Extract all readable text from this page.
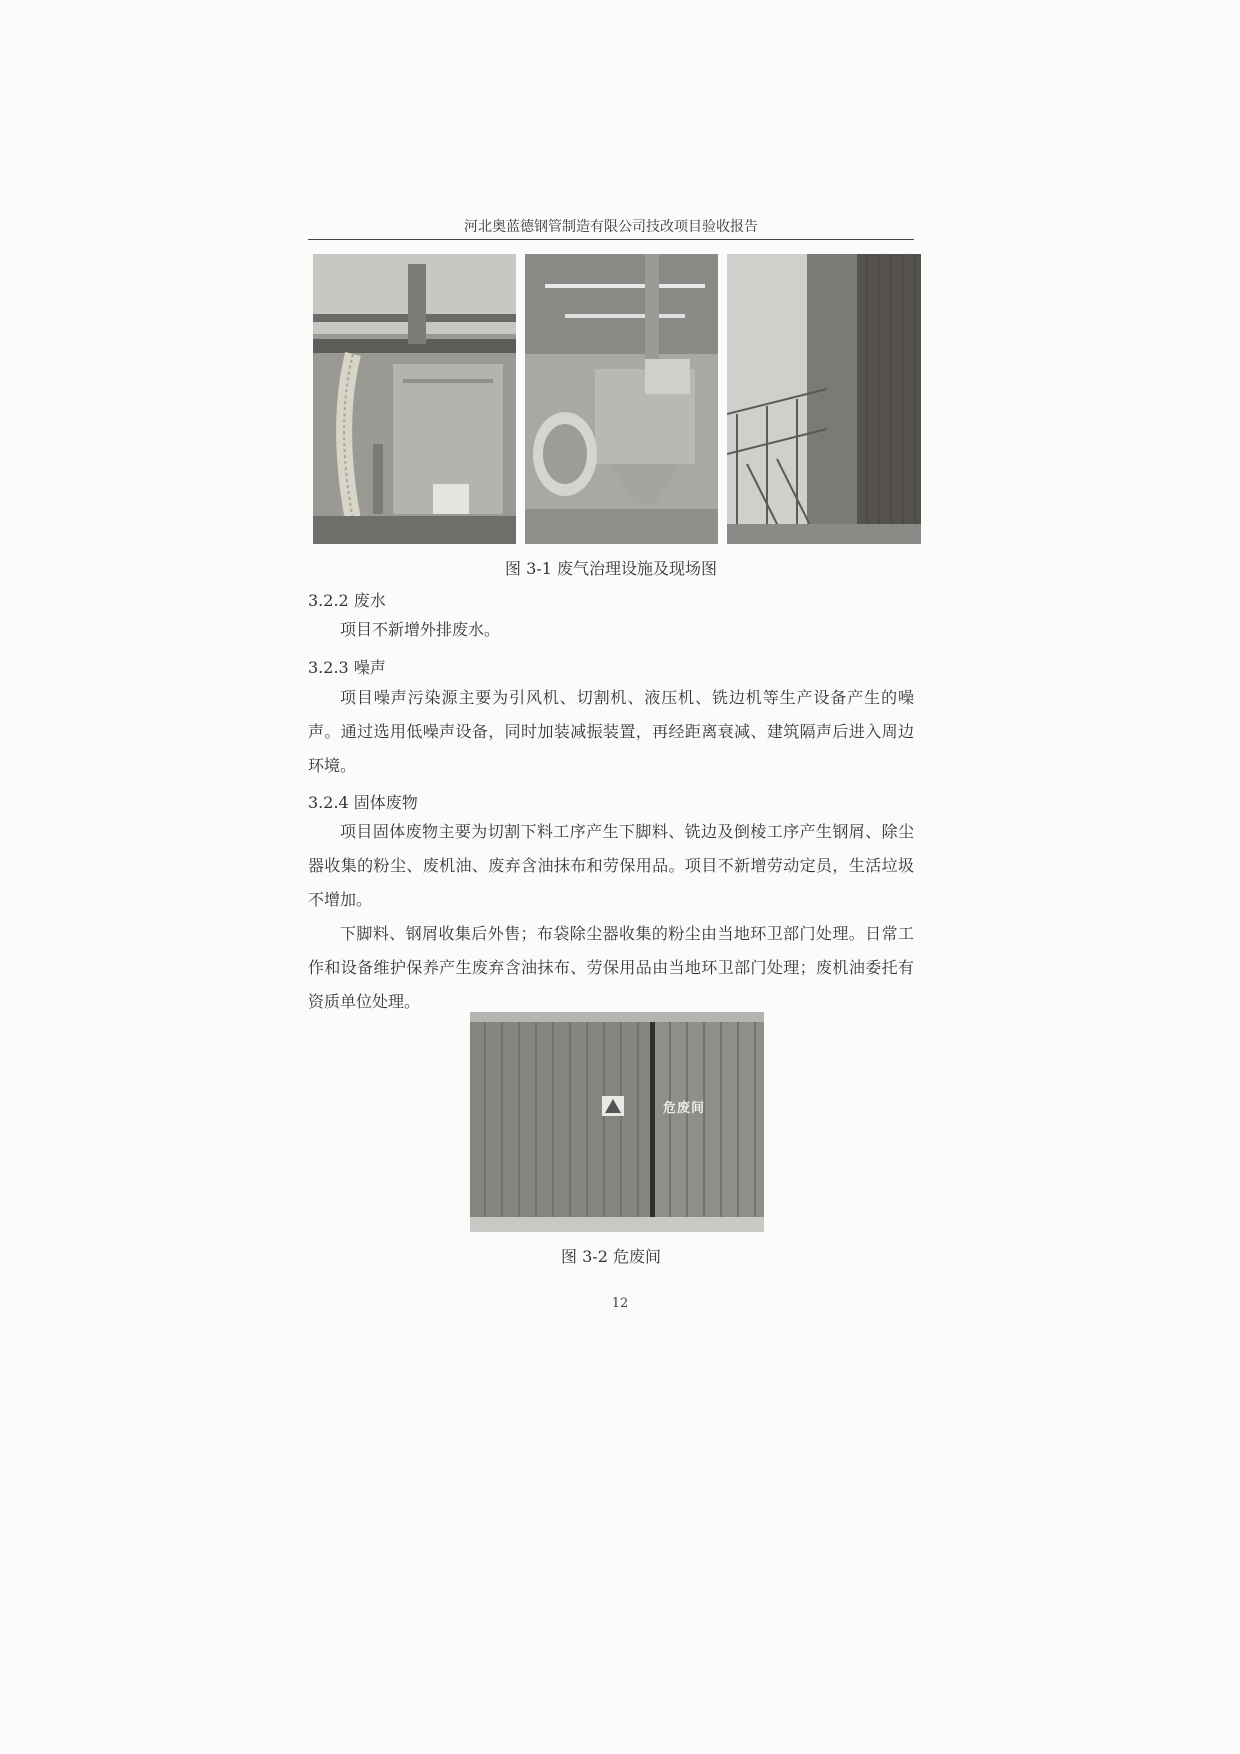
河北奥蓝德钢管制造有限公司技改项目验收报告
图 3-1 废气治理设施及现场图
3.2.2 废水

项目不新增外排废水。

3.2.3 噪声

项目噪声污染源主要为引风机、切割机、液压机、铣边机等生产设备产生的噪声。通过选用低噪声设备，同时加装减振装置，再经距离衰减、建筑隔声后进入周边环境。

3.2.4 固体废物

项目固体废物主要为切割下料工序产生下脚料、铣边及倒棱工序产生钢屑、除尘器收集的粉尘、废机油、废弃含油抹布和劳保用品。项目不新增劳动定员，生活垃圾不增加。

下脚料、钢屑收集后外售；布袋除尘器收集的粉尘由当地环卫部门处理。日常工作和设备维护保养产生废弃含油抹布、劳保用品由当地环卫部门处理；废机油委托有资质单位处理。

危废间
图 3-2 危废间
12
